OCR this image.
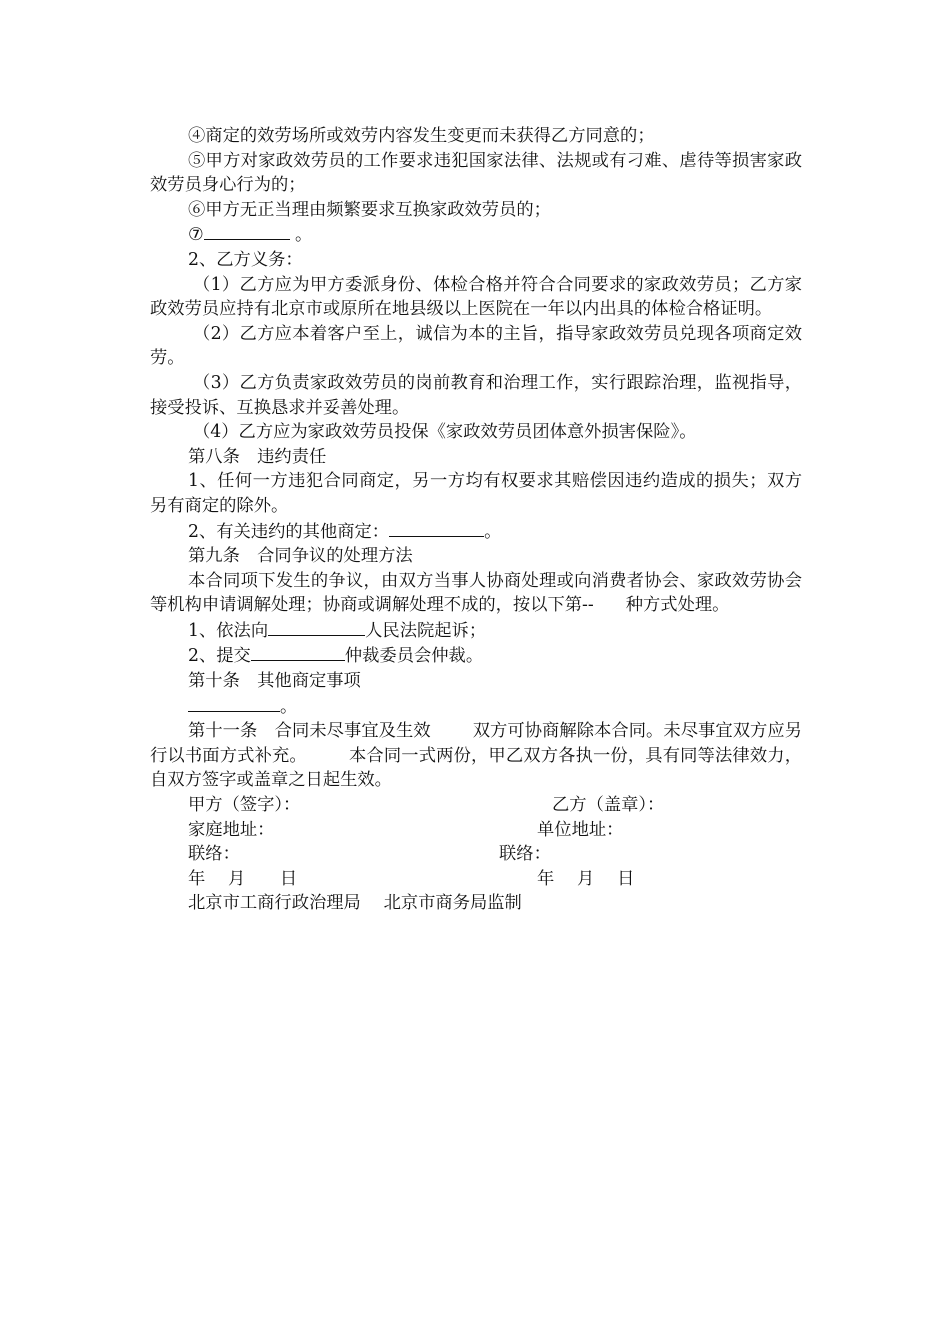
④商定的效劳场所或效劳内容发生变更而未获得乙方同意的；

⑤甲方对家政效劳员的工作要求违犯国家法律、法规或有刁难、虐待等损害家政效劳员身心行为的；

⑥甲方无正当理由频繁要求互换家政效劳员的；

⑦	。

2、乙方义务：

（1）乙方应为甲方委派身份、体检合格并符合合同要求的家政效劳员；乙方家政效劳员应持有北京市或原所在地县级以上医院在一年以内出具的体检合格证明。

（2）乙方应本着客户至上，诚信为本的主旨，指导家政效劳员兑现各项商定效劳。

（3）乙方负责家政效劳员的岗前教育和治理工作，实行跟踪治理，监视指导，接受投诉、互换恳求并妥善处理。

（4）乙方应为家政效劳员投保《家政效劳员团体意外损害保险》。

第八条　违约责任

1、任何一方违犯合同商定，另一方均有权要求其赔偿因违约造成的损失；双方另有商定的除外。

2、有关违约的其他商定：	。

第九条　合同争议的处理方法

本合同项下发生的争议，由双方当事人协商处理或向消费者协会、家政效劳协会等机构申请调解处理；协商或调解处理不成的，按以下第-- 种方式处理。

1、依法向	人民法院起诉；

2、提交	仲裁委员会仲裁。

第十条　其他商定事项

。

第十一条　合同未尽事宜及生效 双方可协商解除本合同。未尽事宜双方应另行以书面方式补充。 本合同一式两份，甲乙双方各执一份，具有同等法律效力，自双方签字或盖章之日起生效。

甲方（签字）：	乙方（盖章）：
家庭地址：	单位地址：
联络：	联络：
年　 月　　日	年　 月　 日
北京市工商行政治理局　 北京市商务局监制
